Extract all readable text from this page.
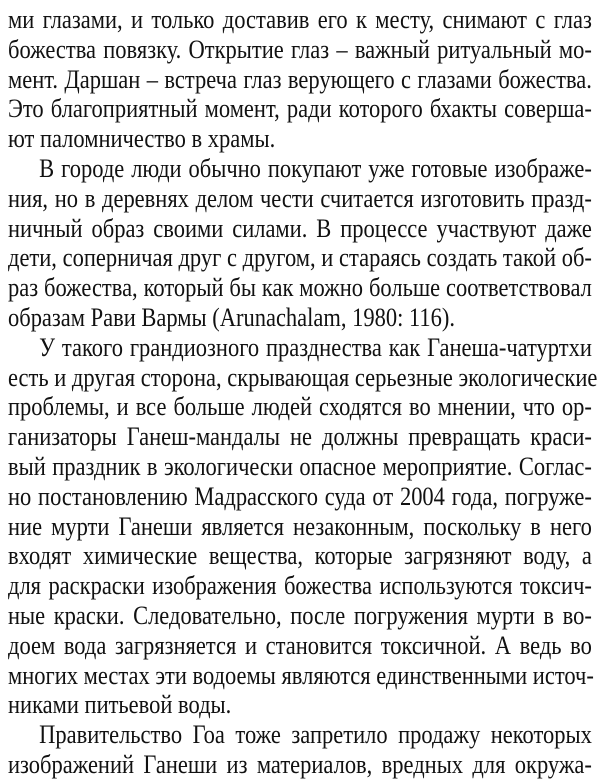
ми глазами, и только доставив его к месту, снимают с глаз
божества повязку. Открытие глаз – важный ритуальный мо-
мент. Даршан – встреча глаз верующего с глазами божества.
Это благоприятный момент, ради которого бхакты соверша-
ют паломничество в храмы.
В городе люди обычно покупают уже готовые изображе-
ния, но в деревнях делом чести считается изготовить празд-
ничный образ своими силами. В процессе участвуют даже
дети, соперничая друг с другом, и стараясь создать такой об-
раз божества, который бы как можно больше соответствовал
образам Рави Вармы (Arunachalam, 1980: 116).
У такого грандиозного празднества как Ганеша-чатуртхи
есть и другая сторона, скрывающая серьезные экологические
проблемы, и все больше людей сходятся во мнении, что ор-
ганизаторы Ганеш-мандалы не должны превращать краси-
вый праздник в экологически опасное мероприятие. Соглас-
но постановлению Мадрасского суда от 2004 года, погруже-
ние мурти Ганеши является незаконным, поскольку в него
входят химические вещества, которые загрязняют воду, а
для раскраски изображения божества используются токсич-
ные краски. Следовательно, после погружения мурти в во-
доем вода загрязняется и становится токсичной. А ведь во
многих местах эти водоемы являются единственными источ-
никами питьевой воды.
Правительство Гоа тоже запретило продажу некоторых
изображений Ганеши из материалов, вредных для окружа-
